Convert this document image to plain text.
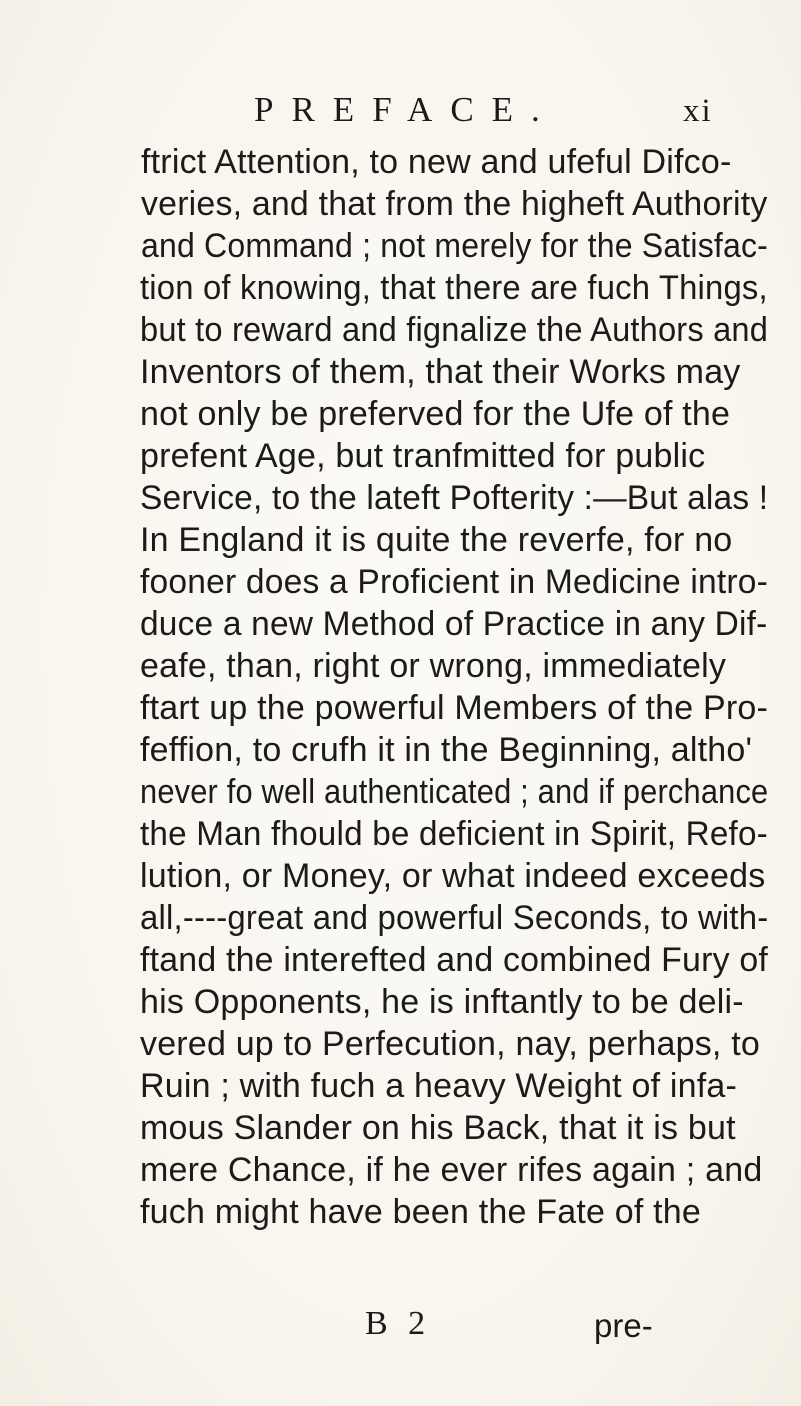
PREFACE.	xi
ftrict Attention, to new and ufeful Difco-
veries, and that from the higheft Authority
and Command ; not merely for the Satisfac-
tion of knowing, that there are fuch Things,
but to reward and fignalize the Authors and
Inventors of them, that their Works may
not only be preferved for the Ufe of the
prefent Age, but tranfmitted for public
Service, to the lateft Pofterity :—But alas !
In England it is quite the reverfe, for no
fooner does a Proficient in Medicine intro-
duce a new Method of Practice in any Dif-
eafe, than, right or wrong, immediately
ftart up the powerful Members of the Pro-
feffion, to crufh it in the Beginning, altho'
never fo well authenticated ; and if perchance
the Man fhould be deficient in Spirit, Refo-
lution, or Money, or what indeed exceeds
all,----great and powerful Seconds, to with-
ftand the interefted and combined Fury of
his Opponents, he is inftantly to be deli-
vered up to Perfecution, nay, perhaps, to
Ruin ; with fuch a heavy Weight of infa-
mous Slander on his Back, that it is but
mere Chance, if he ever rifes again ; and
fuch might have been the Fate of the
B 2	pre-
